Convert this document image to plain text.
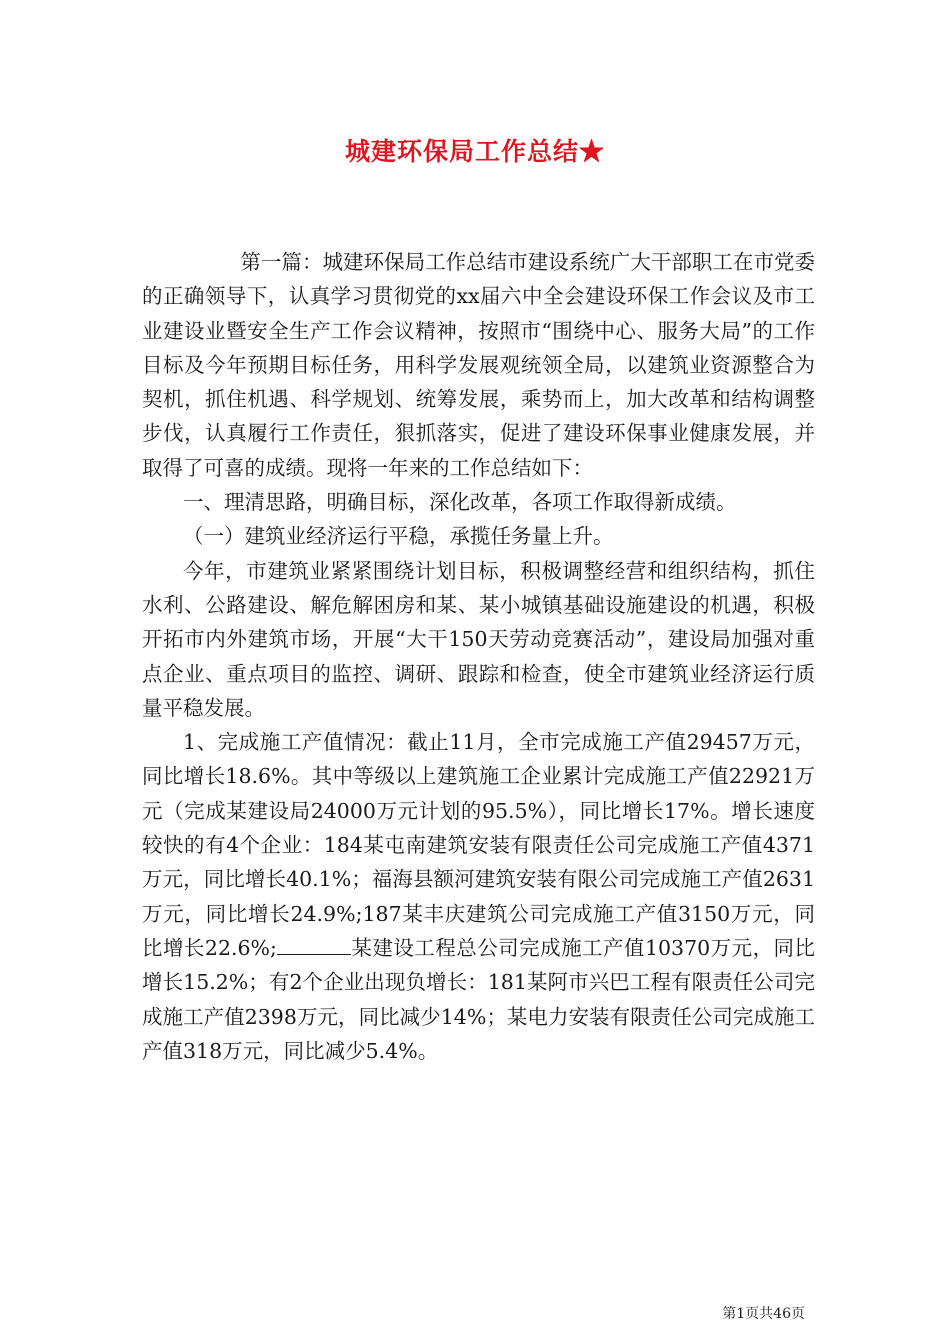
城建环保局工作总结★

第一篇：城建环保局工作总结市建设系统广大干部职工在市党委的正确领导下，认真学习贯彻党的xx届六中全会建设环保工作会议及市工业建设业暨安全生产工作会议精神，按照市“围绕中心、服务大局”的工作目标及今年预期目标任务，用科学发展观统领全局，以建筑业资源整合为契机，抓住机遇、科学规划、统筹发展，乘势而上，加大改革和结构调整步伐，认真履行工作责任，狠抓落实，促进了建设环保事业健康发展，并取得了可喜的成绩。现将一年来的工作总结如下：

一、理清思路，明确目标，深化改革，各项工作取得新成绩。

（一）建筑业经济运行平稳，承揽任务量上升。

今年，市建筑业紧紧围绕计划目标，积极调整经营和组织结构，抓住水利、公路建设、解危解困房和某、某小城镇基础设施建设的机遇，积极开拓市内外建筑市场，开展“大干150天劳动竞赛活动”，建设局加强对重点企业、重点项目的监控、调研、跟踪和检查，使全市建筑业经济运行质量平稳发展。

1、完成施工产值情况：截止11月，全市完成施工产值29457万元，同比增长18.6%。其中等级以上建筑施工企业累计完成施工产值22921万元（完成某建设局24000万元计划的95.5%），同比增长17%。增长速度较快的有4个企业：184某屯南建筑安装有限责任公司完成施工产值4371万元，同比增长40.1%；福海县额河建筑安装有限公司完成施工产值2631万元，同比增长24.9%;187某丰庆建筑公司完成施工产值3150万元，同比增长22.6%;	某建设工程总公司完成施工产值10370万元，同比增长15.2%；有2个企业出现负增长：181某阿市兴巴工程有限责任公司完成施工产值2398万元，同比减少14%；某电力安装有限责任公司完成施工产值318万元，同比减少5.4%。

第1页共46页
